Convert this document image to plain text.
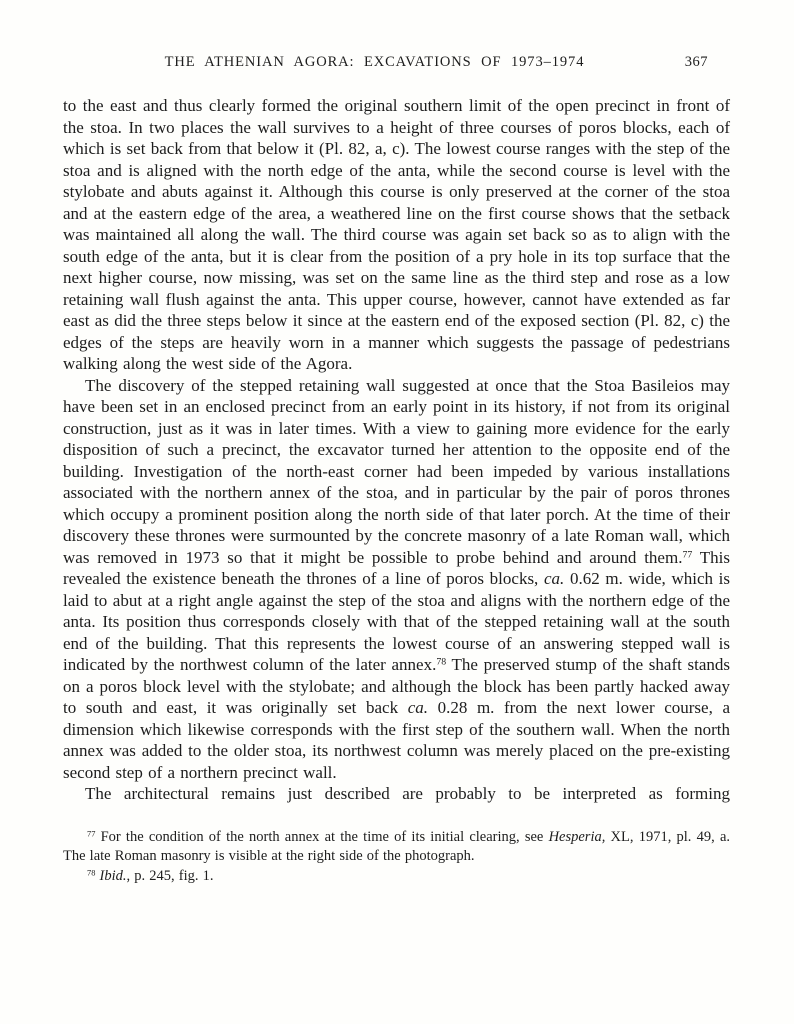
THE ATHENIAN AGORA: EXCAVATIONS OF 1973–1974	367

to the east and thus clearly formed the original southern limit of the open precinct in front of the stoa. In two places the wall survives to a height of three courses of poros blocks, each of which is set back from that below it (Pl. 82, a, c). The lowest course ranges with the step of the stoa and is aligned with the north edge of the anta, while the second course is level with the stylobate and abuts against it. Although this course is only preserved at the corner of the stoa and at the eastern edge of the area, a weathered line on the first course shows that the setback was maintained all along the wall. The third course was again set back so as to align with the south edge of the anta, but it is clear from the position of a pry hole in its top surface that the next higher course, now missing, was set on the same line as the third step and rose as a low retaining wall flush against the anta. This upper course, however, cannot have extended as far east as did the three steps below it since at the eastern end of the exposed section (Pl. 82, c) the edges of the steps are heavily worn in a manner which suggests the passage of pedestrians walking along the west side of the Agora.

The discovery of the stepped retaining wall suggested at once that the Stoa Basileios may have been set in an enclosed precinct from an early point in its history, if not from its original construction, just as it was in later times. With a view to gaining more evidence for the early disposition of such a precinct, the excavator turned her attention to the opposite end of the building. Investigation of the north-east corner had been impeded by various installations associated with the northern annex of the stoa, and in particular by the pair of poros thrones which occupy a prominent position along the north side of that later porch. At the time of their discovery these thrones were surmounted by the concrete masonry of a late Roman wall, which was removed in 1973 so that it might be possible to probe behind and around them.$^{77}$ This revealed the existence beneath the thrones of a line of poros blocks, ca. 0.62 m. wide, which is laid to abut at a right angle against the step of the stoa and aligns with the northern edge of the anta. Its position thus corresponds closely with that of the stepped retaining wall at the south end of the building. That this represents the lowest course of an answering stepped wall is indicated by the northwest column of the later annex.$^{78}$ The preserved stump of the shaft stands on a poros block level with the stylobate; and although the block has been partly hacked away to south and east, it was originally set back ca. 0.28 m. from the next lower course, a dimension which likewise corresponds with the first step of the southern wall. When the north annex was added to the older stoa, its northwest column was merely placed on the pre-existing second step of a northern precinct wall.

The architectural remains just described are probably to be interpreted as forming

$^{77}$ For the condition of the north annex at the time of its initial clearing, see Hesperia, XL, 1971, pl. 49, a. The late Roman masonry is visible at the right side of the photograph.

$^{78}$ Ibid., p. 245, fig. 1.
